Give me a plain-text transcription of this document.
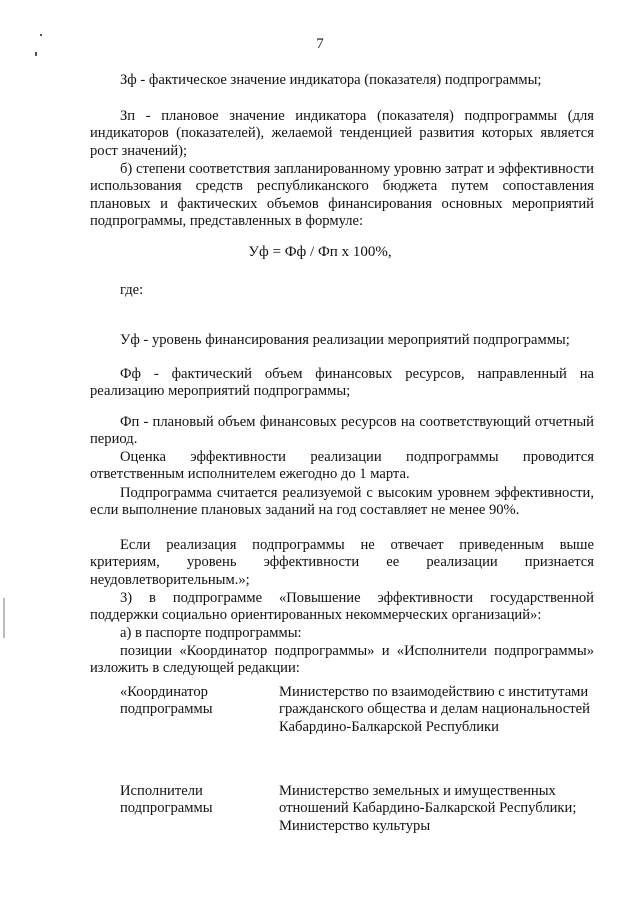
7
Зф - фактическое значение индикатора (показателя) подпрограммы;
Зп - плановое значение индикатора (показателя) подпрограммы (для индикаторов (показателей), желаемой тенденцией развития которых является рост значений);
б) степени соответствия запланированному уровню затрат и эффективности использования средств республиканского бюджета путем сопоставления плановых и фактических объемов финансирования основных мероприятий подпрограммы, представленных в формуле:
Уф = Фф / Фп х 100%,
где:
Уф - уровень финансирования реализации мероприятий подпрограммы;
Фф - фактический объем финансовых ресурсов, направленный на реализацию мероприятий подпрограммы;
Фп - плановый объем финансовых ресурсов на соответствующий отчетный период.
Оценка эффективности реализации подпрограммы проводится ответственным исполнителем ежегодно до 1 марта.
Подпрограмма считается реализуемой с высоким уровнем эффективности, если выполнение плановых заданий на год составляет не менее 90%.
Если реализация подпрограммы не отвечает приведенным выше критериям, уровень эффективности ее реализации признается неудовлетворительным.»;
3) в подпрограмме «Повышение эффективности государственной поддержки социально ориентированных некоммерческих организаций»:
а) в паспорте подпрограммы:
позиции «Координатор подпрограммы» и «Исполнители подпрограммы» изложить в следующей редакции:
«Координатор подпрограммы
Министерство по взаимодействию с институтами гражданского общества и делам национальностей Кабардино-Балкарской Республики
Исполнители подпрограммы
Министерство земельных и имущественных отношений Кабардино-Балкарской Республики; Министерство культуры
